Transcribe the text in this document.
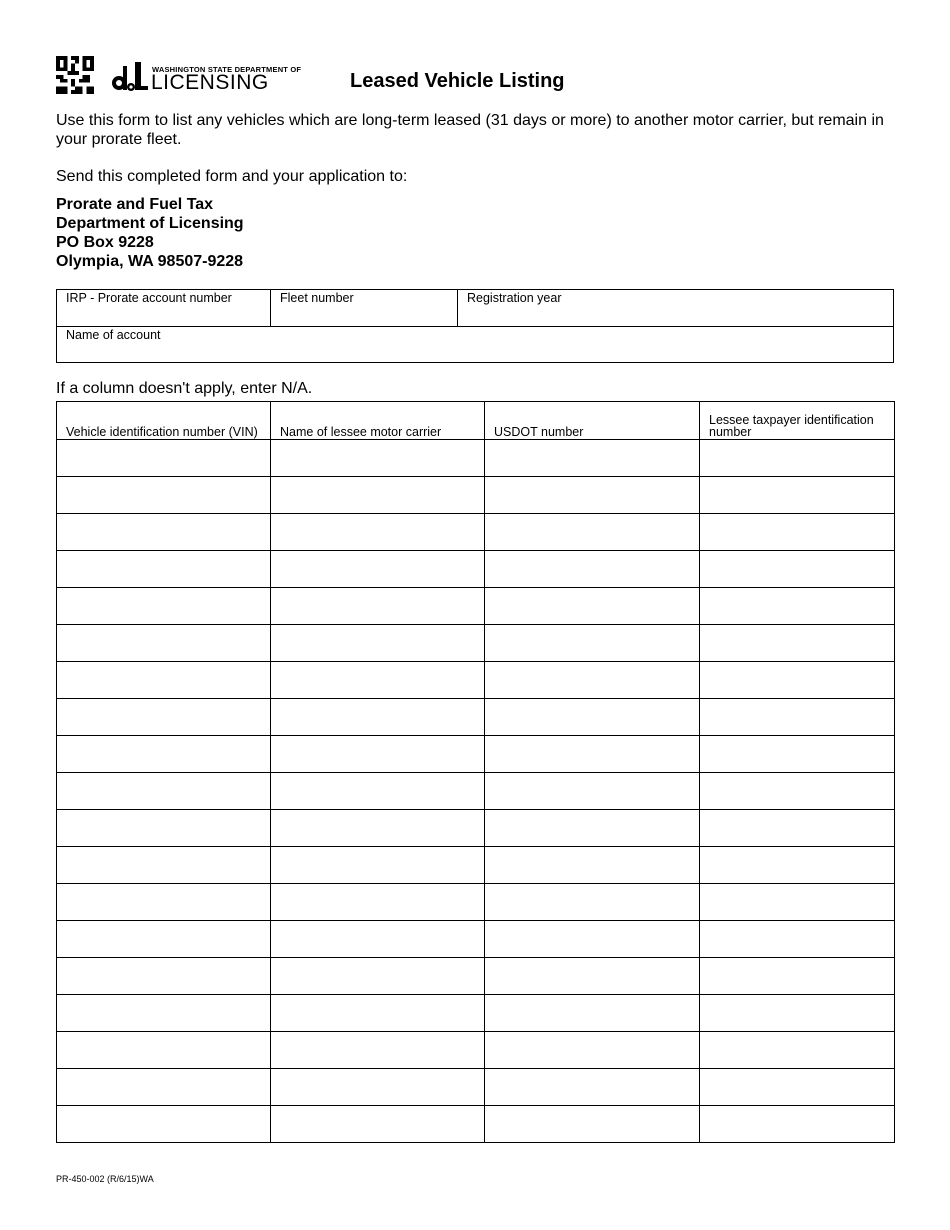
WASHINGTON STATE DEPARTMENT OF
LICENSING	Leased Vehicle Listing
Use this form to list any vehicles which are long-term leased (31 days or more) to another motor carrier, but remain in your prorate fleet.
Send this completed form and your application to:
Prorate and Fuel Tax
Department of Licensing
PO Box 9228
Olympia, WA 98507-9228
IRP - Prorate account number	Fleet number	Registration year
Name of account
If a column doesn't apply, enter N/A.
Vehicle identification number (VIN)	Name of lessee motor carrier	USDOT number	Lessee taxpayer identification number

PR-450-002 (R/6/15)WA
